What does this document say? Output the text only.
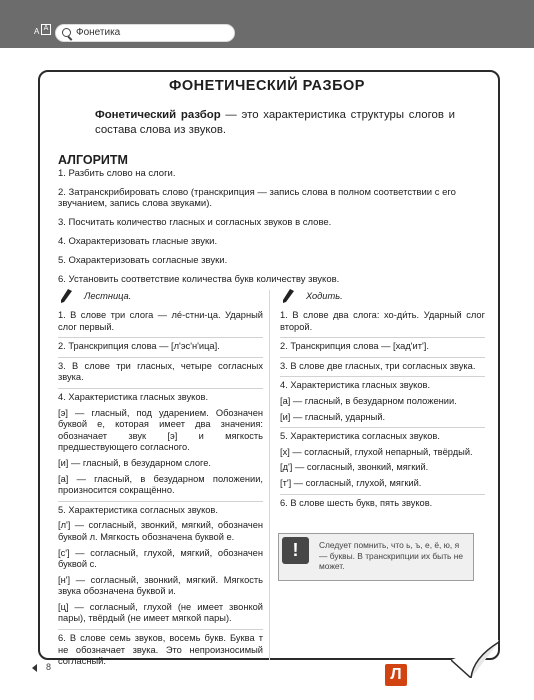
A A	Фонетика
ФОНЕТИЧЕСКИЙ РАЗБОР
Фонетический разбор — это характеристика структуры слогов и состава слова из звуков.
АЛГОРИТМ
1. Разбить слово на слоги.
2. Затранскрибировать слово (транскрипция — запись слова в полном соответствии с его звучанием, запись слова звуками).
3. Посчитать количество гласных и согласных звуков в слове.
4. Охарактеризовать гласные звуки.
5. Охарактеризовать согласные звуки.
6. Установить соответствие количества букв количеству звуков.
Лестница.

1. В слове три слога — ле́-стни-ца. Ударный слог первый.

2. Транскрипция слова — [л'эс'н'ица].

3. В слове три гласных, четыре согласных звука.

4. Характеристика гласных звуков.

[э] — гласный, под ударением. Обозначен буквой е, которая имеет два значения: обозначает звук [э] и мягкость предшествующего согласного.

[и] — гласный, в безударном слоге.

[а] — гласный, в безударном положении, произносится сокращённо.

5. Характеристика согласных звуков.

[л'] — согласный, звонкий, мягкий, обозначен буквой л. Мягкость обозначена буквой е.

[с'] — согласный, глухой, мягкий, обозначен буквой с.

[н'] — согласный, звонкий, мягкий. Мягкость звука обозначена буквой и.

[ц] — согласный, глухой (не имеет звонкой пары), твёрдый (не имеет мягкой пары).

6. В слове семь звуков, восемь букв. Буква т не обозначает звука. Это непроизносимый согласный.

Ходить.

1. В слове два слога: хо-ди́ть. Ударный слог второй.

2. Транскрипция слова — [хад'ит'].

3. В слове две гласных, три согласных звука.

4. Характеристика гласных звуков.

[а] — гласный, в безударном положении.

[и] — гласный, ударный.

5. Характеристика согласных звуков.

[х] — согласный, глухой непарный, твёрдый.

[д'] — согласный, звонкий, мягкий.

[т'] — согласный, глухой, мягкий.

6. В слове шесть букв, пять звуков.

!	Следует помнить, что ь, ъ, е, ё, ю, я — буквы. В транскрипции их быть не может.
8	Л
